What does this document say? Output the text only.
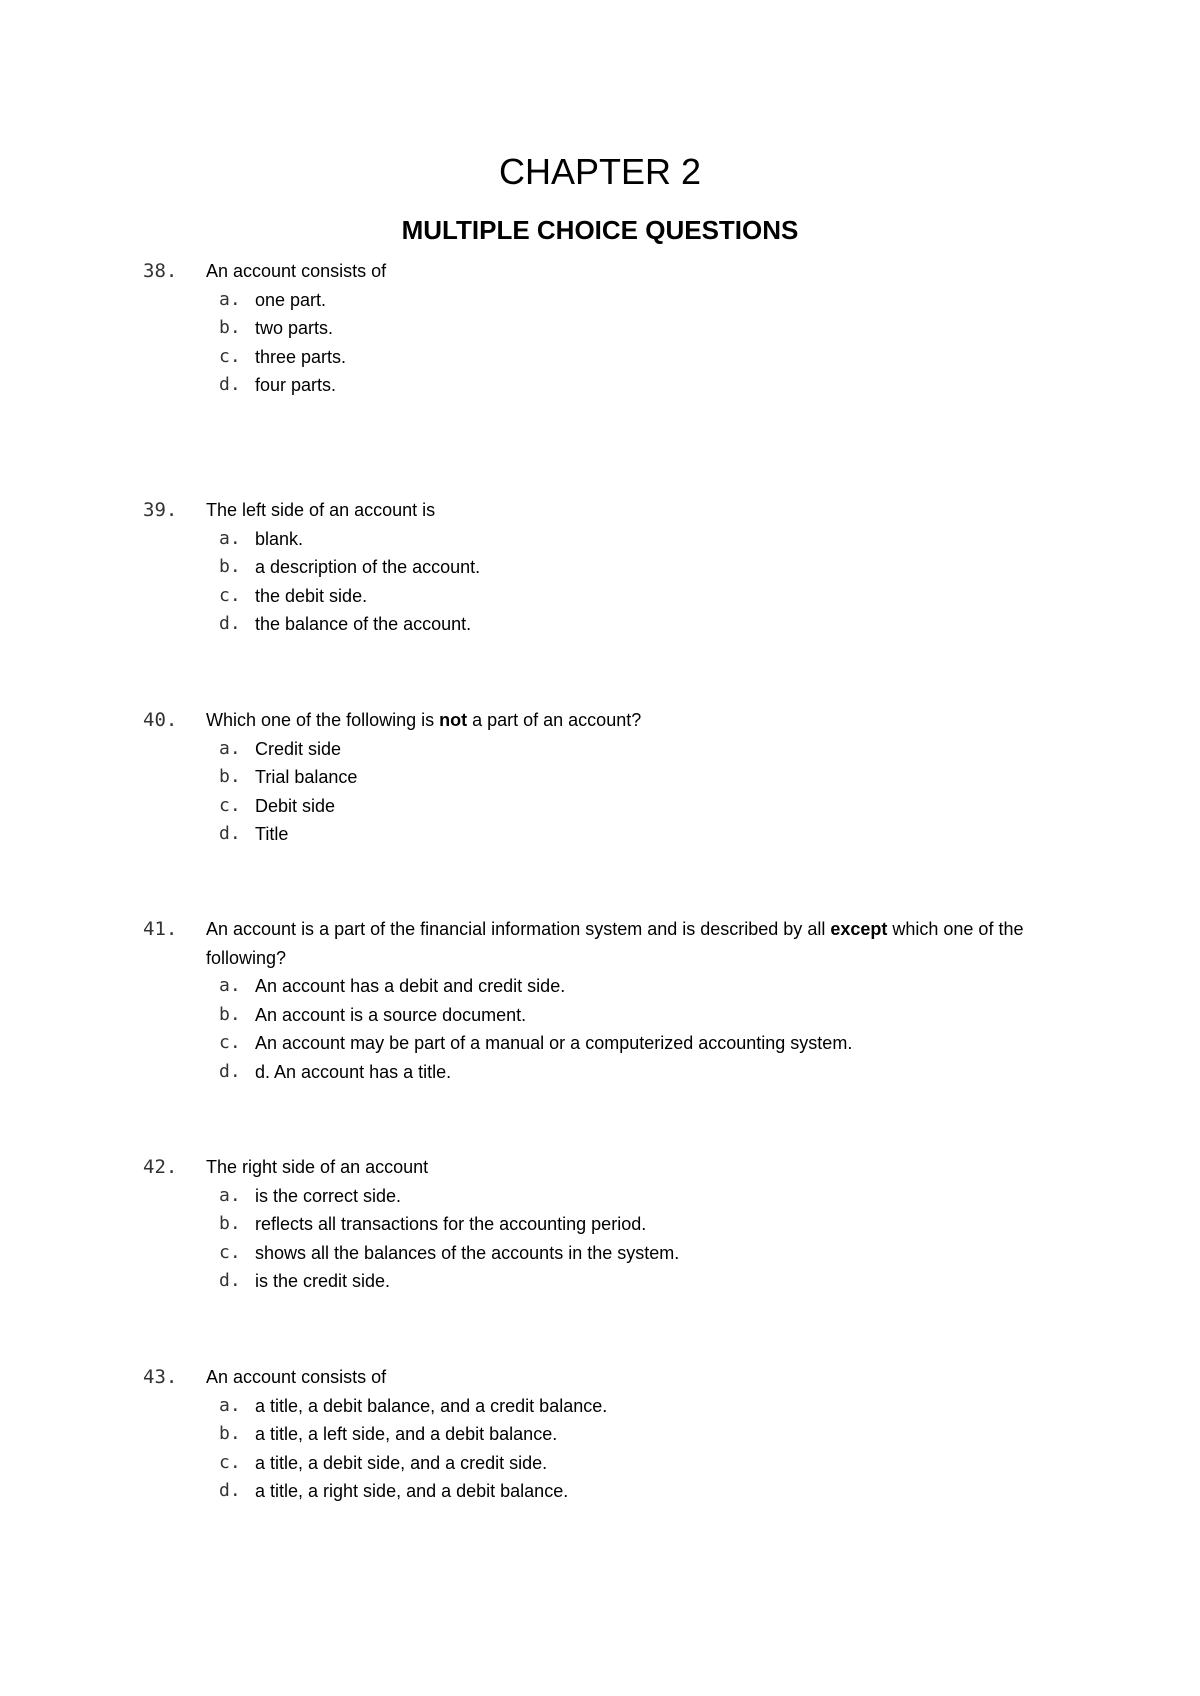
CHAPTER 2
MULTIPLE CHOICE QUESTIONS
38. An account consists of
a. one part.
b. two parts.
c. three parts.
d. four parts.
39. The left side of an account is
a. blank.
b. a description of the account.
c. the debit side.
d. the balance of the account.
40. Which one of the following is not a part of an account?
a. Credit side
b. Trial balance
c. Debit side
d. Title
41. An account is a part of the financial information system and is described by all except which one of the following?
a. An account has a debit and credit side.
b. An account is a source document.
c. An account may be part of a manual or a computerized accounting system.
d. d. An account has a title.
42. The right side of an account
a. is the correct side.
b. reflects all transactions for the accounting period.
c. shows all the balances of the accounts in the system.
d. is the credit side.
43. An account consists of
a. a title, a debit balance, and a credit balance.
b. a title, a left side, and a debit balance.
c. a title, a debit side, and a credit side.
d. a title, a right side, and a debit balance.
